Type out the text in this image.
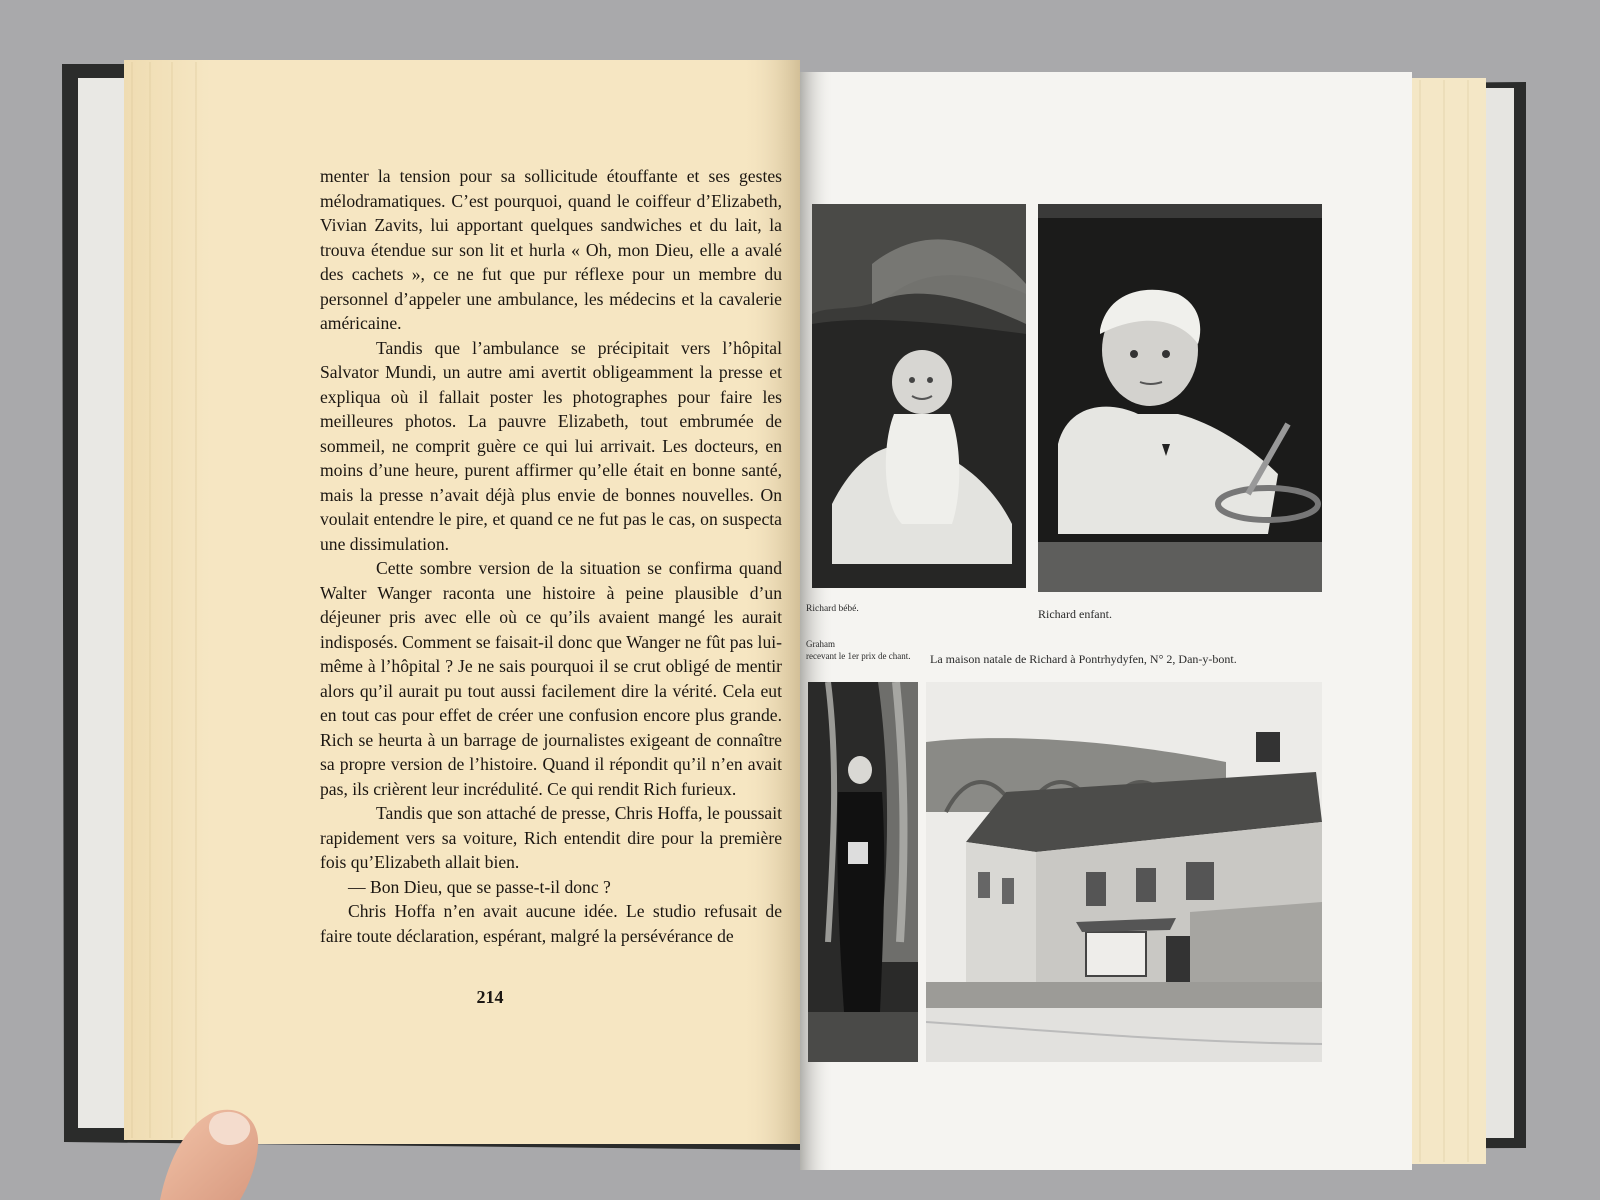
menter la tension pour sa sollicitude étouffante et ses gestes mélodramatiques. C’est pourquoi, quand le coiffeur d’Elizabeth, Vivian Zavits, lui apportant quelques sandwiches et du lait, la trouva étendue sur son lit et hurla « Oh, mon Dieu, elle a avalé des cachets », ce ne fut que pur réflexe pour un membre du personnel d’appeler une ambulance, les médecins et la cavalerie américaine.

Tandis que l’ambulance se précipitait vers l’hôpital Salvator Mundi, un autre ami avertit obligeamment la presse et expliqua où il fallait poster les photographes pour faire les meilleures photos. La pauvre Elizabeth, tout embrumée de sommeil, ne comprit guère ce qui lui arrivait. Les docteurs, en moins d’une heure, purent affirmer qu’elle était en bonne santé, mais la presse n’avait déjà plus envie de bonnes nouvelles. On voulait entendre le pire, et quand ce ne fut pas le cas, on suspecta une dissimulation.

Cette sombre version de la situation se confirma quand Walter Wanger raconta une histoire à peine plausible d’un déjeuner pris avec elle où ce qu’ils avaient mangé les aurait indisposés. Comment se faisait-il donc que Wanger ne fût pas lui-même à l’hôpital ? Je ne sais pourquoi il se crut obligé de mentir alors qu’il aurait pu tout aussi facilement dire la vérité. Cela eut en tout cas pour effet de créer une confusion encore plus grande. Rich se heurta à un barrage de journalistes exigeant de connaître sa propre version de l’histoire. Quand il répondit qu’il n’en avait pas, ils crièrent leur incrédulité. Ce qui rendit Rich furieux.

Tandis que son attaché de presse, Chris Hoffa, le poussait rapidement vers sa voiture, Rich entendit dire pour la première fois qu’Elizabeth allait bien.

— Bon Dieu, que se passe-t-il donc ?

Chris Hoffa n’en avait aucune idée. Le studio refusait de faire toute déclaration, espérant, malgré la persévérance de

214
Richard bébé.	Richard enfant.
Graham
recevant le 1er prix de chant. La maison natale de Richard à Pontrhydyfen, N° 2, Dan-y-bont.
